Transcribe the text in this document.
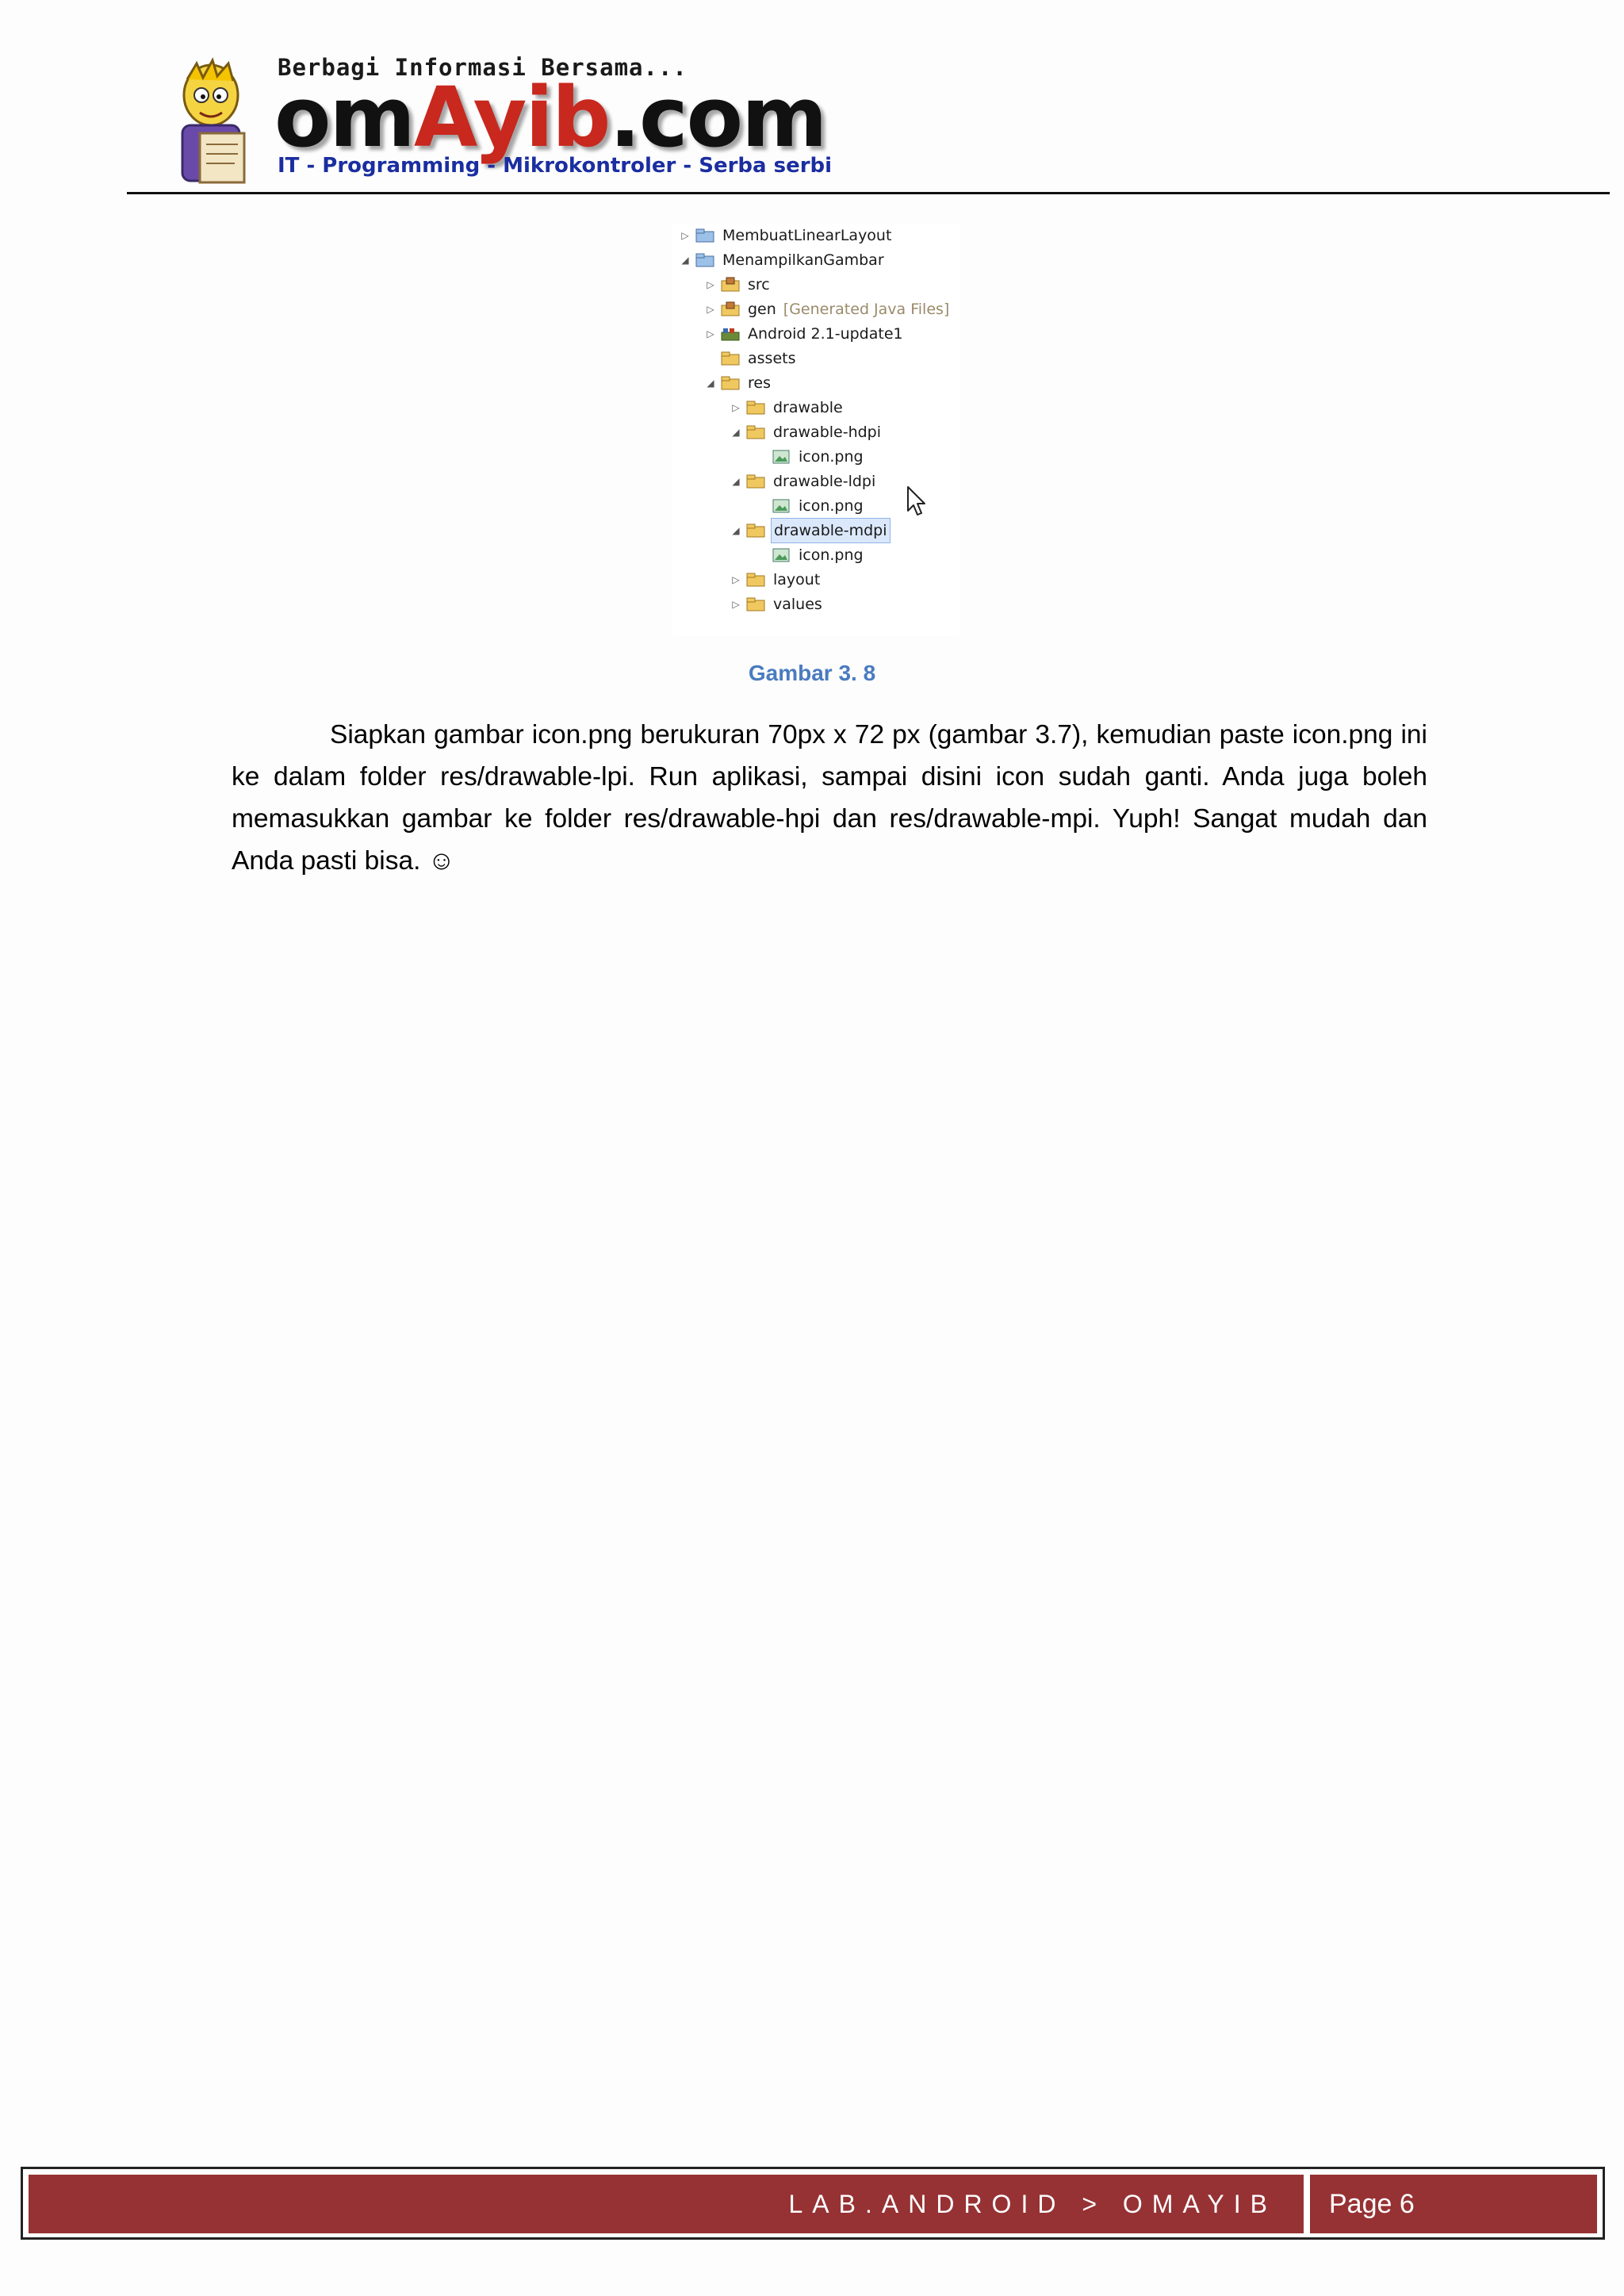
Berbagi Informasi Bersama...
omAyib.com
IT - Programming - Mikrokontroler - Serba serbi
▷ MembuatLinearLayout
◢ MenampilkanGambar
▷ src
▷ gen [Generated Java Files]
▷ Android 2.1-update1
assets
◢ res
▷ drawable
◢ drawable-hdpi
icon.png
◢ drawable-ldpi
icon.png
◢ drawable-mdpi
icon.png
▷ layout
▷ values
Gambar 3. 8
Siapkan gambar icon.png berukuran 70px x 72 px (gambar 3.7), kemudian paste icon.png ini ke dalam folder res/drawable-lpi. Run aplikasi, sampai disini icon sudah ganti. Anda juga boleh memasukkan gambar ke folder res/drawable-hpi dan res/drawable-mpi. Yuph! Sangat mudah dan Anda pasti bisa. ☺
LAB.ANDROID > OMAYIB Page 6
